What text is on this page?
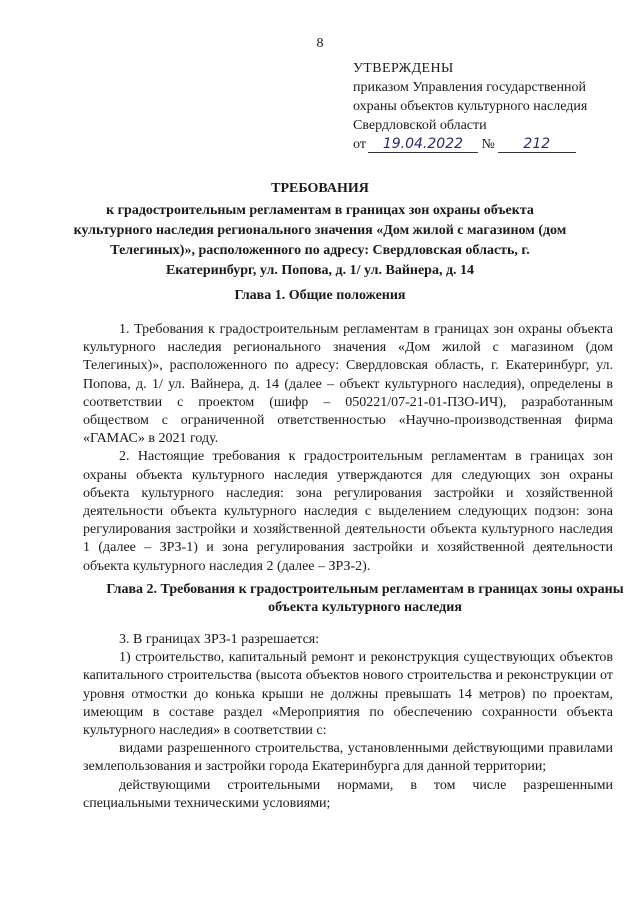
8
УТВЕРЖДЕНЫ
приказом Управления государственной
охраны объектов культурного наследия
Свердловской области
от 19.04.2022 № 212
ТРЕБОВАНИЯ
к градостроительным регламентам в границах зон охраны объекта культурного наследия регионального значения «Дом жилой с магазином (дом Телегиных)», расположенного по адресу: Свердловская область, г. Екатеринбург, ул. Попова, д. 1/ ул. Вайнера, д. 14
Глава 1. Общие положения

1. Требования к градостроительным регламентам в границах зон охраны объекта культурного наследия регионального значения «Дом жилой с магазином (дом Телегиных)», расположенного по адресу: Свердловская область, г. Екатеринбург, ул. Попова, д. 1/ ул. Вайнера, д. 14 (далее – объект культурного наследия), определены в соответствии с проектом (шифр – 050221/07-21-01-ПЗО-ИЧ), разработанным обществом с ограниченной ответственностью «Научно-производственная фирма «ГАМАС» в 2021 году.

2. Настоящие требования к градостроительным регламентам в границах зон охраны объекта культурного наследия утверждаются для следующих зон охраны объекта культурного наследия: зона регулирования застройки и хозяйственной деятельности объекта культурного наследия с выделением следующих подзон: зона регулирования застройки и хозяйственной деятельности объекта культурного наследия 1 (далее – ЗРЗ-1) и зона регулирования застройки и хозяйственной деятельности объекта культурного наследия 2 (далее – ЗРЗ-2).

Глава 2. Требования к градостроительным регламентам в границах зоны охраны объекта культурного наследия

3. В границах ЗРЗ-1 разрешается:

1) строительство, капитальный ремонт и реконструкция существующих объектов капитального строительства (высота объектов нового строительства и реконструкции от уровня отмостки до конька крыши не должны превышать 14 метров) по проектам, имеющим в составе раздел «Мероприятия по обеспечению сохранности объекта культурного наследия» в соответствии с:

видами разрешенного строительства, установленными действующими правилами землепользования и застройки города Екатеринбурга для данной территории;

действующими строительными нормами, в том числе разрешенными специальными техническими условиями;
